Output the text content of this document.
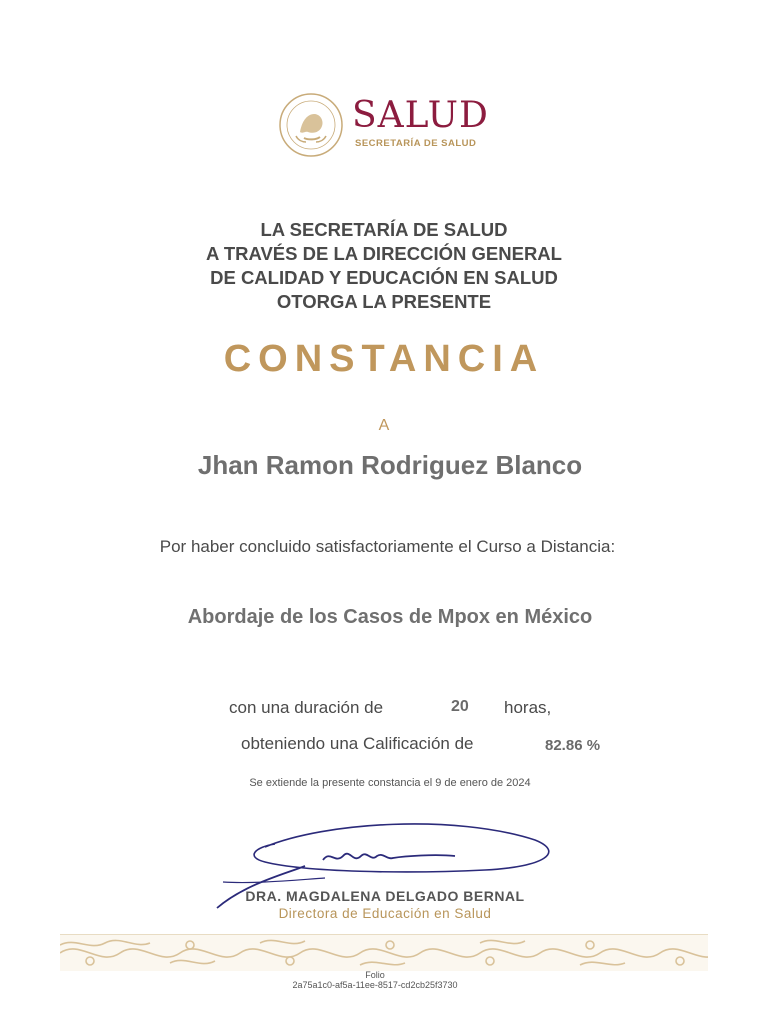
SALUD
SECRETARÍA DE SALUD
LA SECRETARÍA DE SALUD
A TRAVÉS DE LA DIRECCIÓN GENERAL
DE CALIDAD Y EDUCACIÓN EN SALUD
OTORGA LA PRESENTE
CONSTANCIA
A
Jhan Ramon Rodriguez Blanco
Por haber concluido satisfactoriamente el Curso a Distancia:
Abordaje de los Casos de Mpox en México
con una duración de	20 horas,
obteniendo una Calificación de	82.86 %
Se extiende la presente constancia el 9 de enero de 2024
DRA. MAGDALENA DELGADO BERNAL
Directora de Educación en Salud
Folio
2a75a1c0-af5a-11ee-8517-cd2cb25f3730
